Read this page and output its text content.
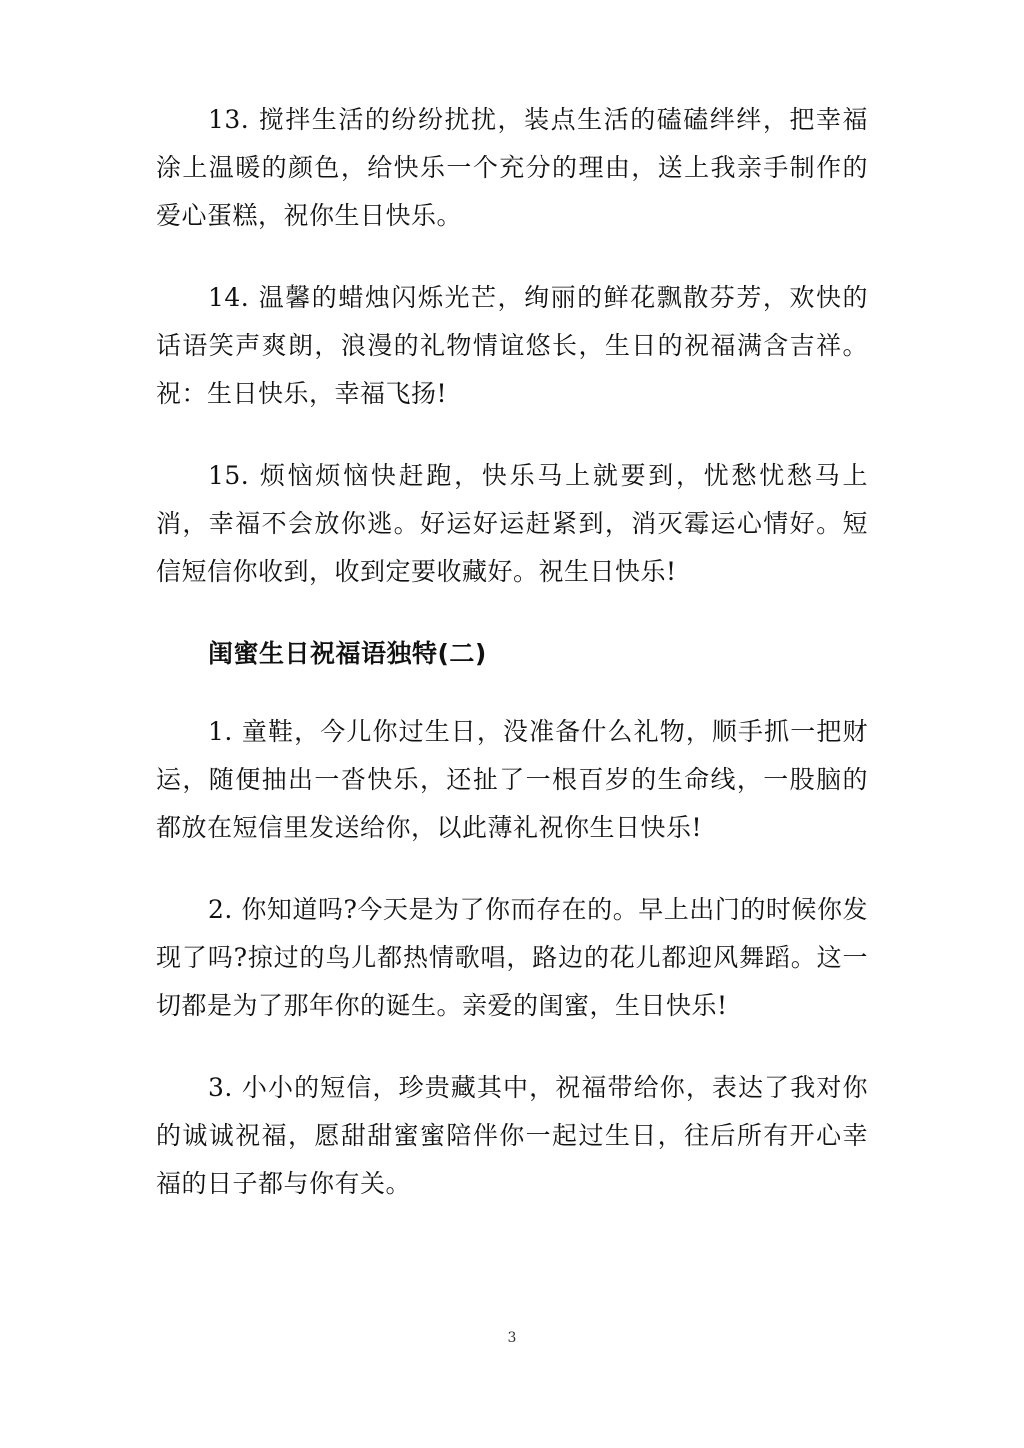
13. 搅拌生活的纷纷扰扰，装点生活的磕磕绊绊，把幸福涂上温暖的颜色，给快乐一个充分的理由，送上我亲手制作的爱心蛋糕，祝你生日快乐。

14. 温馨的蜡烛闪烁光芒，绚丽的鲜花飘散芬芳，欢快的话语笑声爽朗，浪漫的礼物情谊悠长，生日的祝福满含吉祥。祝：生日快乐，幸福飞扬!

15. 烦恼烦恼快赶跑，快乐马上就要到，忧愁忧愁马上消，幸福不会放你逃。好运好运赶紧到，消灭霉运心情好。短信短信你收到，收到定要收藏好。祝生日快乐!

闺蜜生日祝福语独特(二)

1. 童鞋，今儿你过生日，没准备什么礼物，顺手抓一把财运，随便抽出一沓快乐，还扯了一根百岁的生命线，一股脑的都放在短信里发送给你，以此薄礼祝你生日快乐!

2. 你知道吗?今天是为了你而存在的。早上出门的时候你发现了吗?掠过的鸟儿都热情歌唱，路边的花儿都迎风舞蹈。这一切都是为了那年你的诞生。亲爱的闺蜜，生日快乐!

3. 小小的短信，珍贵藏其中，祝福带给你，表达了我对你的诚诚祝福，愿甜甜蜜蜜陪伴你一起过生日，往后所有开心幸福的日子都与你有关。

3
